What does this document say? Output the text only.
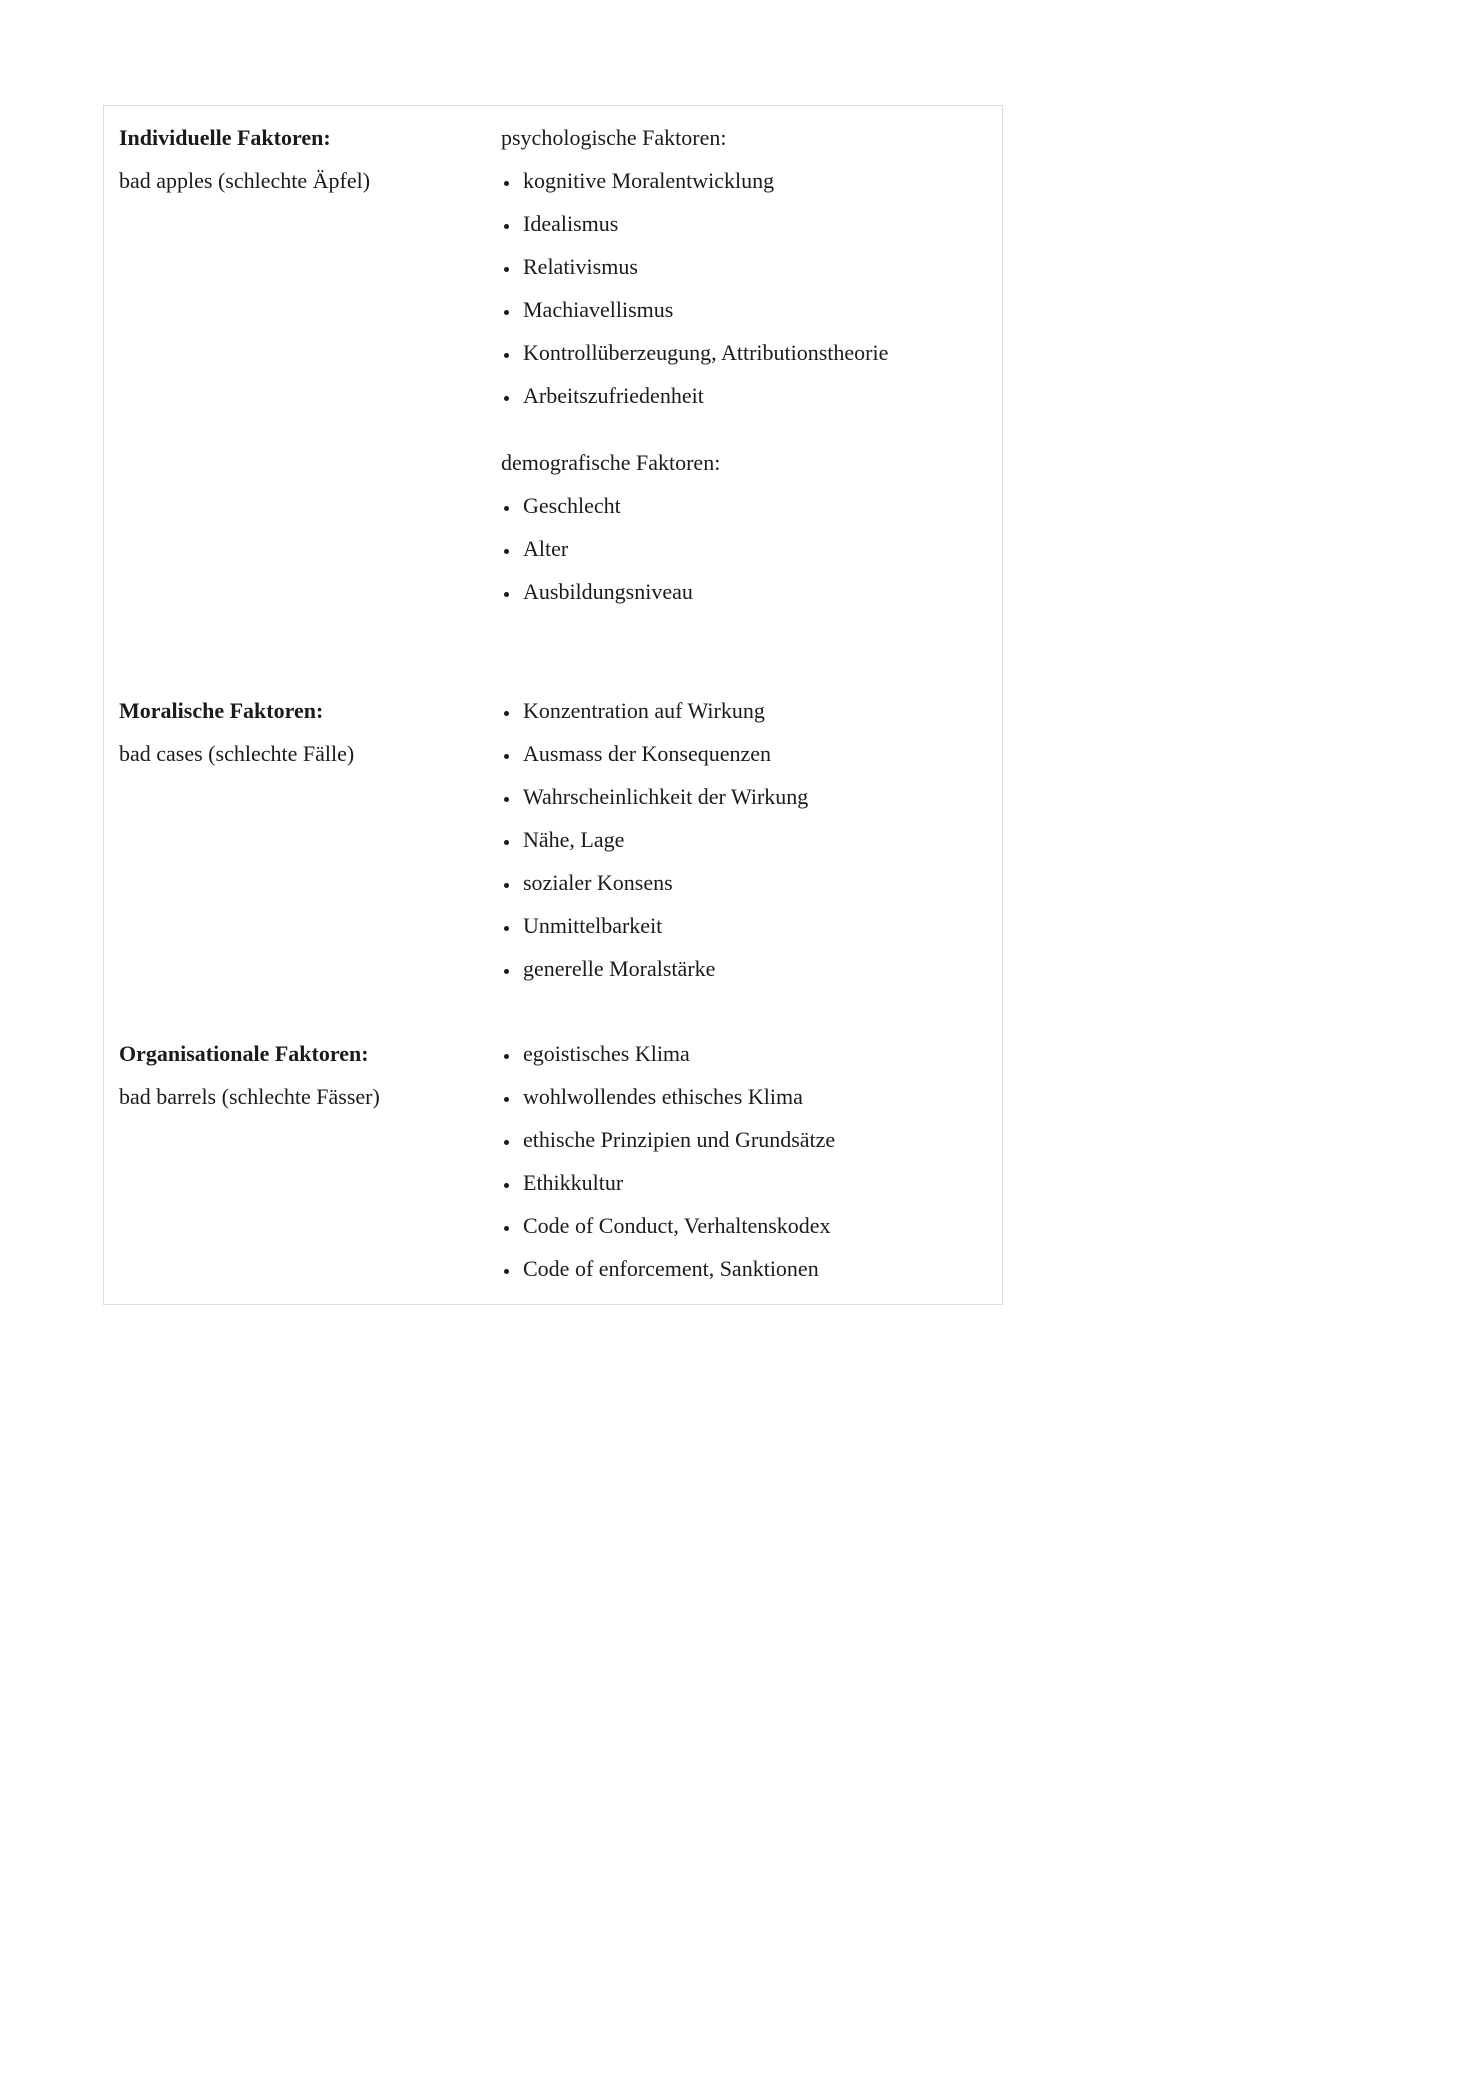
Individuelle Faktoren:

bad apples (schlechte Äpfel)

psychologische Faktoren:

• kognitive Moralentwicklung
• Idealismus
• Relativismus
• Machiavellismus
• Kontrollüberzeugung, Attributionstheorie
• Arbeitszufriedenheit

demografische Faktoren:

• Geschlecht
• Alter
• Ausbildungsniveau

Moralische Faktoren:

bad cases (schlechte Fälle)

• Konzentration auf Wirkung
• Ausmass der Konsequenzen
• Wahrscheinlichkeit der Wirkung
• Nähe, Lage
• sozialer Konsens
• Unmittelbarkeit
• generelle Moralstärke

Organisationale Faktoren:

bad barrels (schlechte Fässer)

• egoistisches Klima
• wohlwollendes ethisches Klima
• ethische Prinzipien und Grundsätze
• Ethikkultur
• Code of Conduct, Verhaltenskodex
• Code of enforcement, Sanktionen
